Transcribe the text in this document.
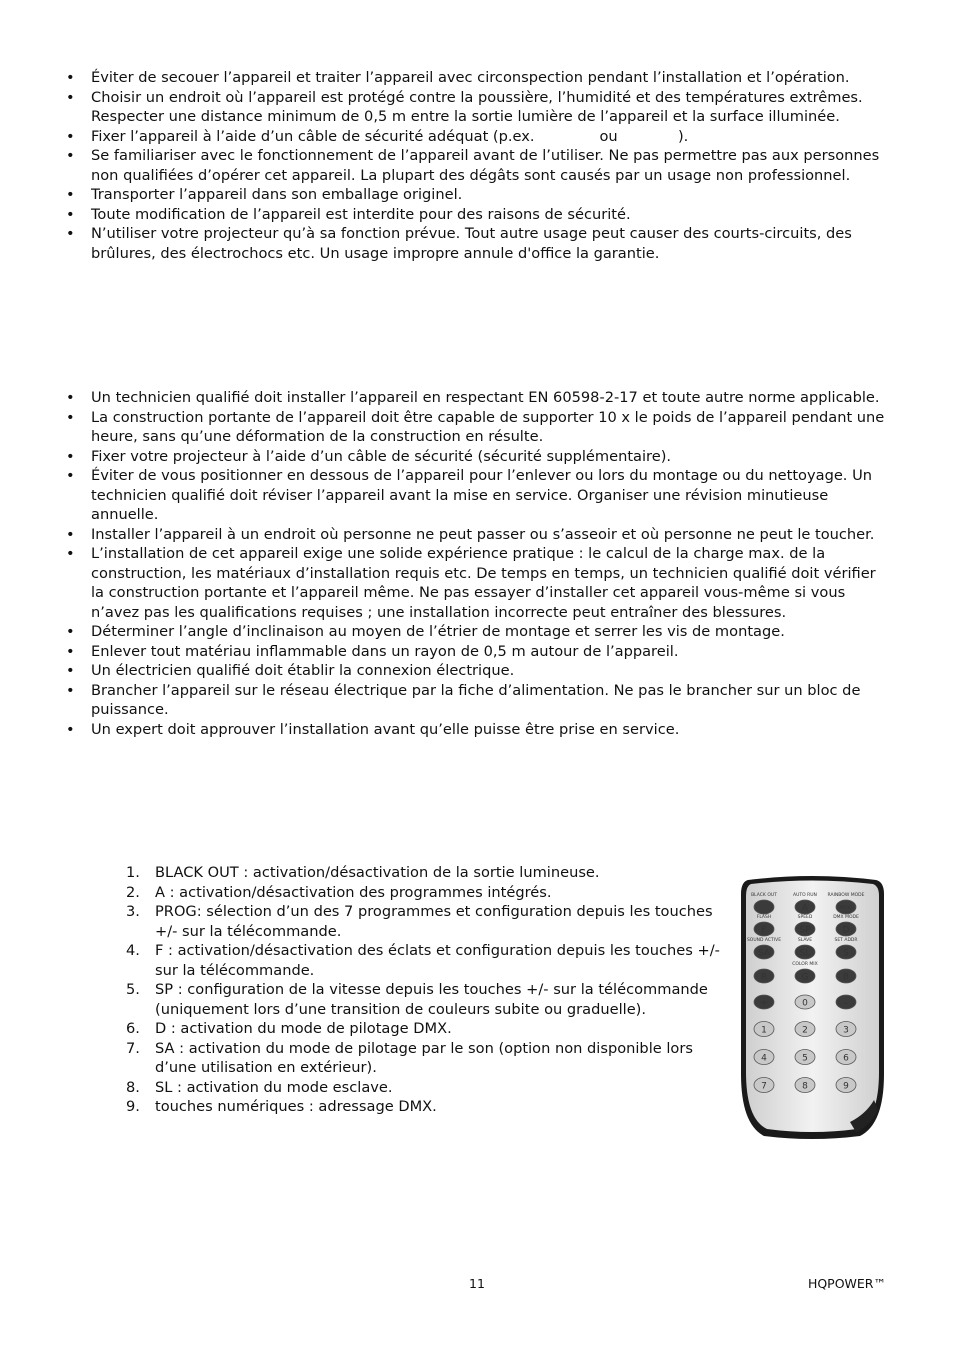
• Éviter de secouer l’appareil et traiter l’appareil avec circonspection pendant l’installation et l’opération.
• Choisir un endroit où l’appareil est protégé contre la poussière, l’humidité et des températures extrêmes. Respecter une distance minimum de 0,5 m entre la sortie lumière de l’appareil et la surface illuminée.
• Fixer l’appareil à l’aide d’un câble de sécurité adéquat (p.ex.              ou             ).
• Se familiariser avec le fonctionnement de l’appareil avant de l’utiliser. Ne pas permettre pas aux personnes non qualifiées d’opérer cet appareil. La plupart des dégâts sont causés par un usage non professionnel.
• Transporter l’appareil dans son emballage originel.
• Toute modification de l’appareil est interdite pour des raisons de sécurité.
• N’utiliser votre projecteur qu’à sa fonction prévue. Tout autre usage peut causer des courts-circuits, des brûlures, des électrochocs etc. Un usage impropre annule d'office la garantie.
• Un technicien qualifié doit installer l’appareil en respectant EN 60598-2-17 et toute autre norme applicable.
• La construction portante de l’appareil doit être capable de supporter 10 x le poids de l’appareil pendant une heure, sans qu’une déformation de la construction en résulte.
• Fixer votre projecteur à l’aide d’un câble de sécurité (sécurité supplémentaire).
• Éviter de vous positionner en dessous de l’appareil pour l’enlever ou lors du montage ou du nettoyage. Un technicien qualifié doit réviser l’appareil avant la mise en service. Organiser une révision minutieuse annuelle.
• Installer l’appareil à un endroit où personne ne peut passer ou s’asseoir et où personne ne peut le toucher.
• L’installation de cet appareil exige une solide expérience pratique : le calcul de la charge max. de la construction, les matériaux d’installation requis etc. De temps en temps, un technicien qualifié doit vérifier la construction portante et l’appareil même. Ne pas essayer d’installer cet appareil vous-même si vous n’avez pas les qualifications requises ; une installation incorrecte peut entraîner des blessures.
• Déterminer l’angle d’inclinaison au moyen de l’étrier de montage et serrer les vis de montage.
• Enlever tout matériau inflammable dans un rayon de 0,5 m autour de l’appareil.
• Un électricien qualifié doit établir la connexion électrique.
• Brancher l’appareil sur le réseau électrique par la fiche d’alimentation. Ne pas le brancher sur un bloc de puissance.
• Un expert doit approuver l’installation avant qu’elle puisse être prise en service.
1. BLACK OUT : activation/désactivation de la sortie lumineuse.
2. A : activation/désactivation des programmes intégrés.
3. PROG: sélection d’un des 7 programmes et configuration depuis les touches +/- sur la télécommande.
4. F : activation/désactivation des éclats et configuration depuis les touches +/- sur la télécommande.
5. SP : configuration de la vitesse depuis les touches +/- sur la télécommande (uniquement lors d’une transition de couleurs subite ou graduelle).
6. D : activation du mode de pilotage DMX.
7. SA : activation du mode de pilotage par le son (option non disponible lors d’une utilisation en extérieur).
8. SL : activation du mode esclave.
9. touches numériques : adressage DMX.
BLACK OUT	AUTO RUN RAINBOW MODE
A	PROG
FLASH	SPEED	DMX MODE
F	SP	D
SOUND ACTIVE	SLAVE	SET ADDR
SA	SL	S
COLOR MIX
R	G	B
+	0	–
1	2	3
4	5	6
7	8	9
11	HQPOWER™
